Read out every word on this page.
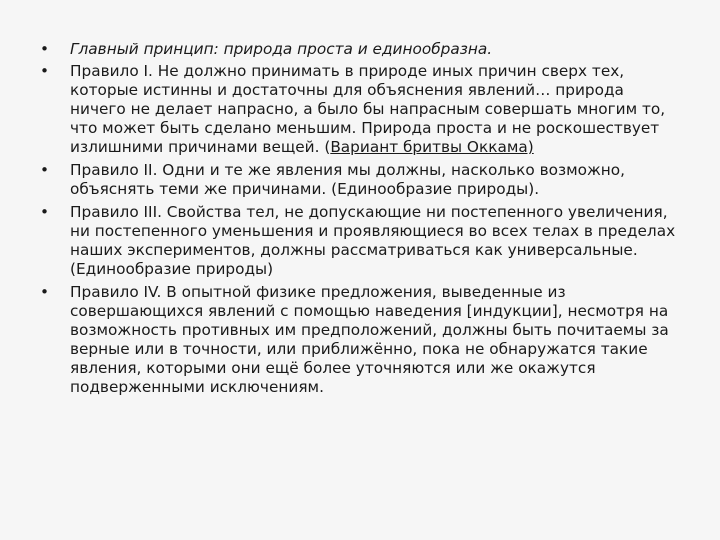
• Главный принцип: природа проста и единообразна.
• Правило I. Не должно принимать в природе иных причин сверх тех, которые истинны и достаточны для объяснения явлений… природа ничего не делает напрасно, а было бы напрасным совершать многим то, что может быть сделано меньшим. Природа проста и не роскошествует излишними причинами вещей. (Вариант бритвы Оккама)
• Правило II. Одни и те же явления мы должны, насколько возможно, объяснять теми же причинами. (Единообразие природы).
• Правило III. Свойства тел, не допускающие ни постепенного увеличения, ни постепенного уменьшения и проявляющиеся во всех телах в пределах наших экспериментов, должны рассматриваться как универсальные. (Единообразие природы)
• Правило IV. В опытной физике предложения, выведенные из совершающихся явлений с помощью наведения [индукции], несмотря на возможность противных им предположений, должны быть почитаемы за верные или в точности, или приближённо, пока не обнаружатся такие явления, которыми они ещё более уточняются или же окажутся подверженными исключениям.
